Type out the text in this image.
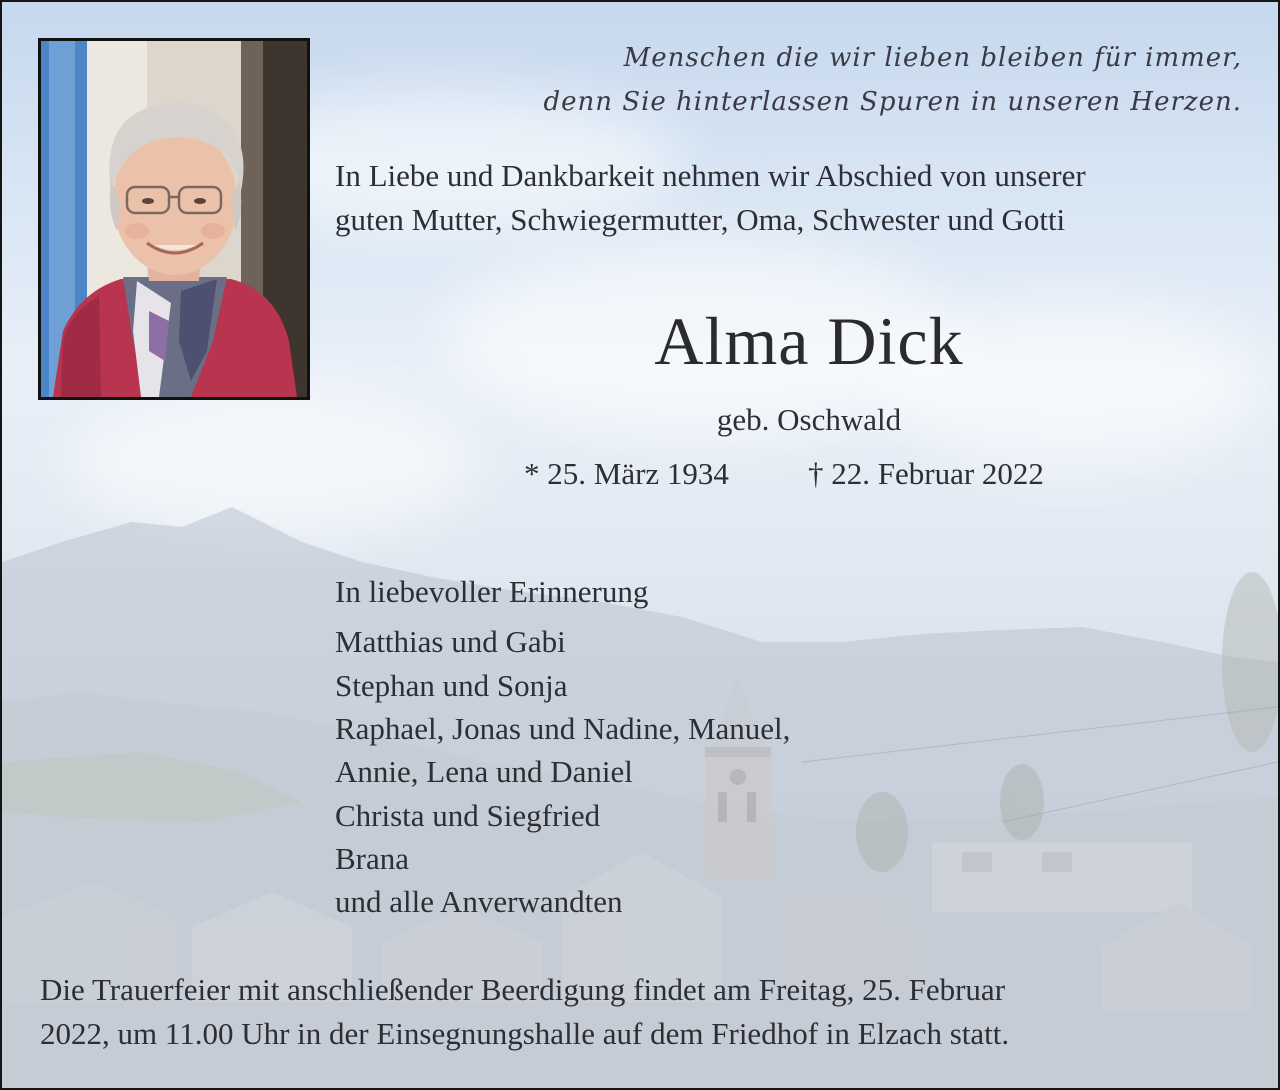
Menschen die wir lieben bleiben für immer,
denn Sie hinterlassen Spuren in unseren Herzen.
In Liebe und Dankbarkeit nehmen wir Abschied von unserer
guten Mutter, Schwiegermutter, Oma, Schwester und Gotti
Alma Dick
geb. Oschwald
* 25. März 1934	† 22. Februar 2022
In liebevoller Erinnerung
Matthias und Gabi
Stephan und Sonja
Raphael, Jonas und Nadine, Manuel,
Annie, Lena und Daniel
Christa und Siegfried
Brana
und alle Anverwandten
Die Trauerfeier mit anschließender Beerdigung findet am Freitag, 25. Februar
2022, um 11.00 Uhr in der Einsegnungshalle auf dem Friedhof in Elzach statt.
